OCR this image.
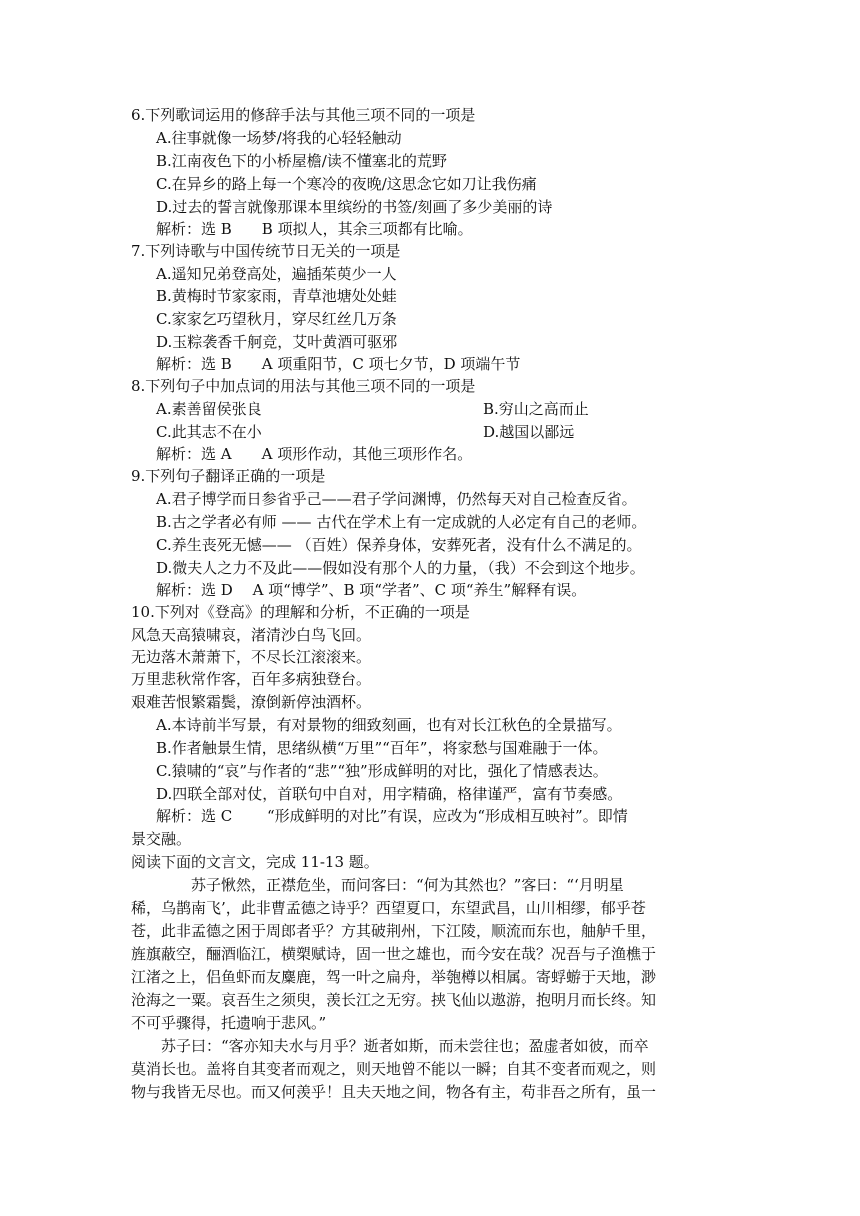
6.下列歌词运用的修辞手法与其他三项不同的一项是
A.往事就像一场梦/将我的心轻轻触动
B.江南夜色下的小桥屋檐/读不懂塞北的荒野
C.在异乡的路上每一个寒冷的夜晚/这思念它如刀让我伤痛
D.过去的誓言就像那课本里缤纷的书签/刻画了多少美丽的诗
解析：选 B　　B 项拟人，其余三项都有比喻。
7.下列诗歌与中国传统节日无关的一项是
A.遥知兄弟登高处，遍插茱萸少一人
B.黄梅时节家家雨，青草池塘处处蛙
C.家家乞巧望秋月，穿尽红丝几万条
D.玉粽袭香千舸竞，艾叶黄酒可驱邪
解析：选 B　　A 项重阳节，C 项七夕节，D 项端午节
8.下列句子中加点词的用法与其他三项不同的一项是
A.素善留侯张良	B.穷山之高而止
C.此其志不在小	D.越国以鄙远
解析：选 A　　A 项形作动，其他三项形作名。
9.下列句子翻译正确的一项是
A.君子博学而日参省乎己——君子学问渊博，仍然每天对自己检查反省。
B.古之学者必有师 —— 古代在学术上有一定成就的人必定有自己的老师。
C.养生丧死无憾—— （百姓）保养身体，安葬死者，没有什么不满足的。
D.微夫人之力不及此——假如没有那个人的力量，（我）不会到这个地步。
解析：选 D　 A 项“博学”、B 项“学者”、C 项“养生”解释有误。
10.下列对《登高》的理解和分析，不正确的一项是
风急天高猿啸哀，渚清沙白鸟飞回。
无边落木萧萧下，不尽长江滚滚来。
万里悲秋常作客，百年多病独登台。
艰难苦恨繁霜鬓，潦倒新停浊酒杯。
A.本诗前半写景，有对景物的细致刻画，也有对长江秋色的全景描写。
B.作者触景生情，思绪纵横“万里”“百年”，将家愁与国难融于一体。
C.猿啸的“哀”与作者的“悲”“独”形成鲜明的对比，强化了情感表达。
D.四联全部对仗，首联句中自对，用字精确，格律谨严，富有节奏感。
解析：选 C　　 “形成鲜明的对比”有误，应改为“形成相互映衬”。即情
景交融。
阅读下面的文言文，完成 11-13 题。
　　　　苏子愀然，正襟危坐，而问客曰：“何为其然也？”客曰：“‘月明星
稀，乌鹊南飞’，此非曹孟德之诗乎？西望夏口，东望武昌，山川相缪，郁乎苍
苍，此非孟德之困于周郎者乎？方其破荆州，下江陵，顺流而东也，舳舻千里，
旌旗蔽空，酾酒临江，横槊赋诗，固一世之雄也，而今安在哉？况吾与子渔樵于
江渚之上，侣鱼虾而友麋鹿，驾一叶之扁舟，举匏樽以相属。寄蜉蝣于天地，渺
沧海之一粟。哀吾生之须臾，羡长江之无穷。挟飞仙以遨游，抱明月而长终。知
不可乎骤得，托遗响于悲风。”
　　苏子曰：“客亦知夫水与月乎？逝者如斯，而未尝往也；盈虚者如彼，而卒
莫消长也。盖将自其变者而观之，则天地曾不能以一瞬；自其不变者而观之，则
物与我皆无尽也。而又何羡乎！且夫天地之间，物各有主，苟非吾之所有，虽一
